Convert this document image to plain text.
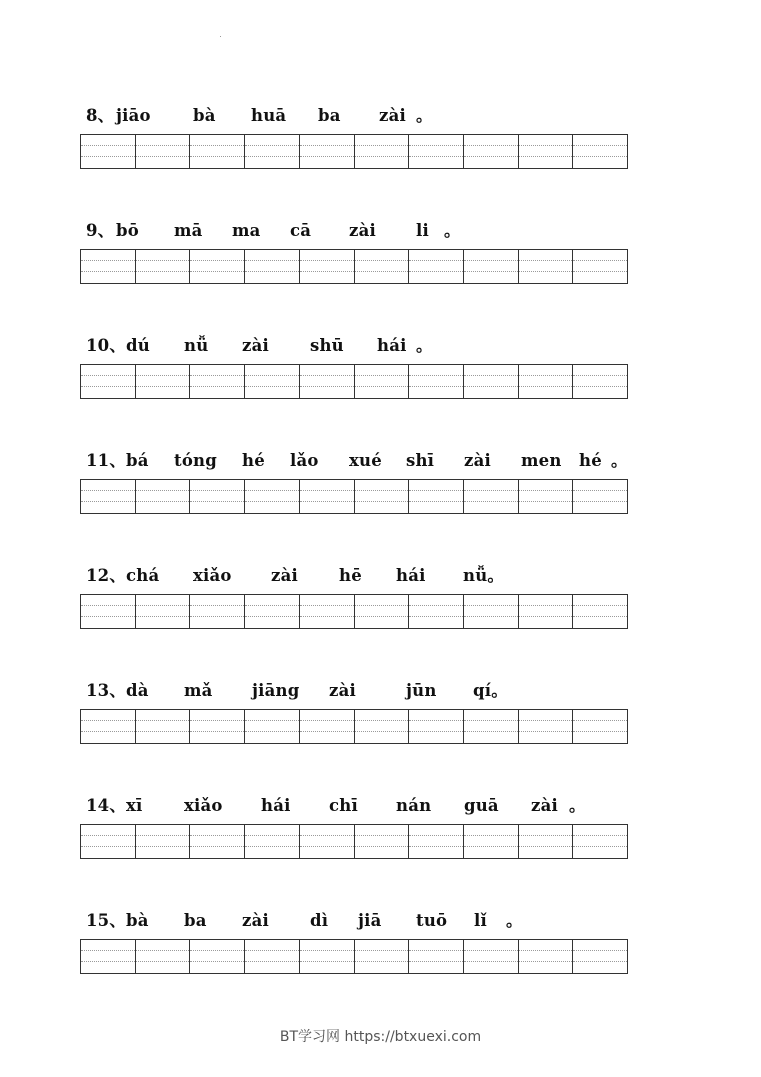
8、 jiāo	bà huā ba zài 。
9、 bō mā ma cā zài li 。
10、 dú nǚ zài shū hái 。
11、 bá tóng hé lǎo xué shī zài men hé 。
12、 chá xiǎo zài hē hái nǚ。
13、 dà mǎ jiāng zài	jūn qí。
14、 xī	xiǎo hái chī nán guā zài 。
15、 bà ba zài dì jiā tuō lǐ 。
BT学习网 https://btxuexi.com
